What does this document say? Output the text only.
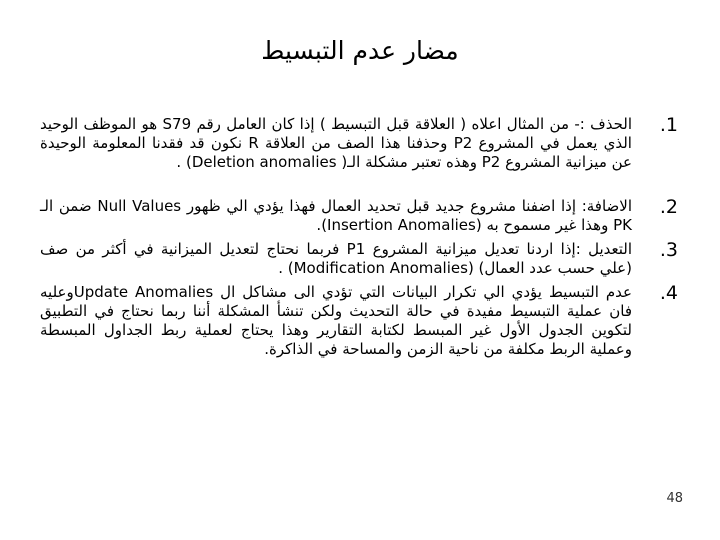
مضار عدم التبسيط
.1
الحذف :- من المثال اعلاه ( العلاقة قبل التبسيط ) إذا كان العامل رقم S79 هو الموظف الوحيد الذي يعمل في المشروع P2 وحذفنا هذا الصف من العلاقة R نكون قد فقدنا المعلومة الوحيدة عن ميزانية المشروع P2 وهذه تعتبر مشكلة الـ( Deletion anomalies) .
.2
الاضافة: إذا اضفنا مشروع جديد قبل تحديد العمال فهذا يؤدي الي ظهور Null Values ضمن الـ PK وهذا غير مسموح به (Insertion Anomalies).
.3
التعديل :إذا اردنا تعديل ميزانية المشروع P1 فربما نحتاج لتعديل الميزانية في أكثر من صف (علي حسب عدد العمال) (Modification Anomalies) .
.4
عدم التبسيط يؤدي الي تكرار البيانات التي تؤدي الى مشاكل ال Update Anomaliesوعليه فان عملية التبسيط مفيدة في حالة التحديث ولكن تنشأ المشكلة أننا ربما نحتاج في التطبيق لتكوين الجدول الأول غير المبسط لكتابة التقارير وهذا يحتاج لعملية ربط الجداول المبسطة وعملية الربط مكلفة من ناحية الزمن والمساحة في الذاكرة.
48
